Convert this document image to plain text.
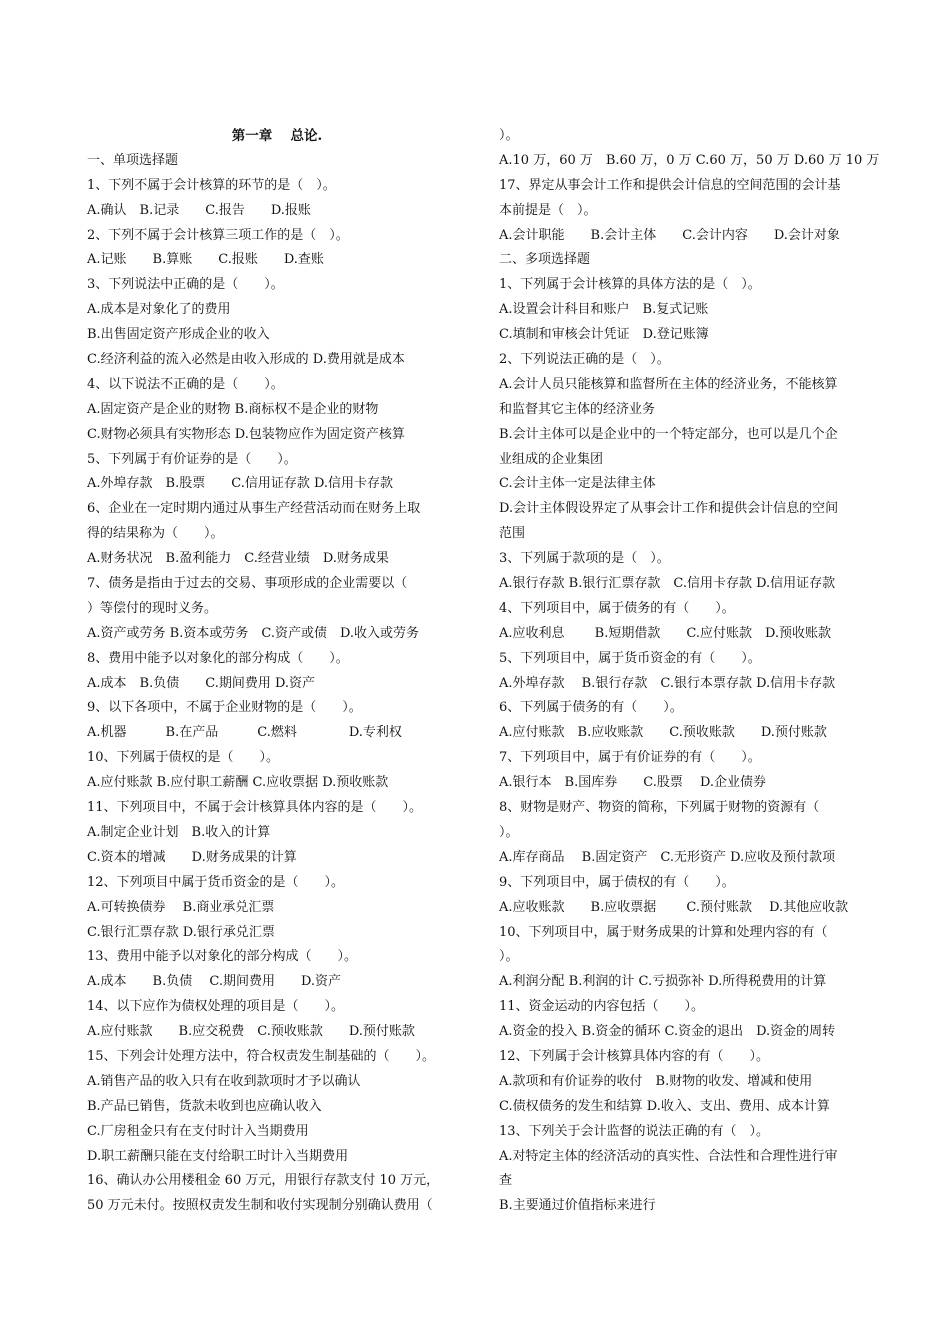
第一章　 总论.
一、单项选择题
1、下列不属于会计核算的环节的是（　）。
A.确认　B.记录　　C.报告　　D.报账
2、下列不属于会计核算三项工作的是（　）。
A.记账　　B.算账　　C.报账　　D.查账
3、下列说法中正确的是（　　）。
A.成本是对象化了的费用
B.出售固定资产形成企业的收入
C.经济利益的流入必然是由收入形成的 D.费用就是成本
4、以下说法不正确的是（　　）。
A.固定资产是企业的财物 B.商标权不是企业的财物
C.财物必须具有实物形态 D.包装物应作为固定资产核算
5、下列属于有价证券的是（　　）。
A.外埠存款　B.股票　　C.信用证存款 D.信用卡存款
6、企业在一定时期内通过从事生产经营活动而在财务上取
得的结果称为（　　）。
A.财务状况　B.盈利能力　C.经营业绩　D.财务成果
7、债务是指由于过去的交易、事项形成的企业需要以（
）等偿付的现时义务。
A.资产或劳务 B.资本或劳务　C.资产或债　D.收入或劳务
8、费用中能予以对象化的部分构成（　　）。
A.成本　B.负债　　C.期间费用 D.资产
9、以下各项中，不属于企业财物的是（　　）。
A.机器　　　B.在产品　　　C.燃料　　　　D.专利权
10、下列属于债权的是（　　）。
A.应付账款 B.应付职工薪酬 C.应收票据 D.预收账款
11、下列项目中，不属于会计核算具体内容的是（　　）。
A.制定企业计划　B.收入的计算
C.资本的增减　　D.财务成果的计算
12、下列项目中属于货币资金的是（　　）。
A.可转换债券　 B.商业承兑汇票
C.银行汇票存款 D.银行承兑汇票
13、费用中能予以对象化的部分构成（　　）。
A.成本　　B.负债　 C.期间费用　　D.资产
14、以下应作为债权处理的项目是（　　）。
A.应付账款　　B.应交税费　C.预收账款　　D.预付账款
15、下列会计处理方法中，符合权责发生制基础的（　　）。
A.销售产品的收入只有在收到款项时才予以确认
B.产品已销售，货款未收到也应确认收入
C.厂房租金只有在支付时计入当期费用
D.职工薪酬只能在支付给职工时计入当期费用
16、确认办公用楼租金 60 万元，用银行存款支付 10 万元，
50 万元未付。按照权责发生制和收付实现制分别确认费用（
）。
A.10 万，60 万　B.60 万，0 万 C.60 万，50 万 D.60 万 10 万
17、界定从事会计工作和提供会计信息的空间范围的会计基
本前提是（　）。
A.会计职能　　B.会计主体　　C.会计内容　　D.会计对象
二、多项选择题
1、下列属于会计核算的具体方法的是（　）。
A.设置会计科目和账户　B.复式记账
C.填制和审核会计凭证　D.登记账簿
2、下列说法正确的是（　）。
A.会计人员只能核算和监督所在主体的经济业务，不能核算
和监督其它主体的经济业务
B.会计主体可以是企业中的一个特定部分，也可以是几个企
业组成的企业集团
C.会计主体一定是法律主体
D.会计主体假设界定了从事会计工作和提供会计信息的空间
范围
3、下列属于款项的是（　）。
A.银行存款 B.银行汇票存款　C.信用卡存款 D.信用证存款
4、下列项目中，属于债务的有（　　）。
A.应收利息　　 B.短期借款　　C.应付账款　D.预收账款
5、下列项目中，属于货币资金的有（　　）。
A.外埠存款　 B.银行存款　C.银行本票存款 D.信用卡存款
6、下列属于债务的有（　　）。
A.应付账款　B.应收账款　　C.预收账款　　D.预付账款
7、下列项目中，属于有价证券的有（　　）。
A.银行本　B.国库券　　C.股票　 D.企业债券
8、财物是财产、物资的简称，下列属于财物的资源有（
）。
A.库存商品　 B.固定资产　C.无形资产 D.应收及预付款项
9、下列项目中，属于债权的有（　　）。
A.应收账款　　B.应收票据　　 C.预付账款　 D.其他应收款
10、下列项目中，属于财务成果的计算和处理内容的有（
）。
A.利润分配 B.利润的计 C.亏损弥补 D.所得税费用的计算
11、资金运动的内容包括（　　）。
A.资金的投入 B.资金的循环 C.资金的退出　D.资金的周转
12、下列属于会计核算具体内容的有（　　）。
A.款项和有价证券的收付　B.财物的收发、增减和使用
C.债权债务的发生和结算 D.收入、支出、费用、成本计算
13、下列关于会计监督的说法正确的有（　）。
A.对特定主体的经济活动的真实性、合法性和合理性进行审
查
B.主要通过价值指标来进行
